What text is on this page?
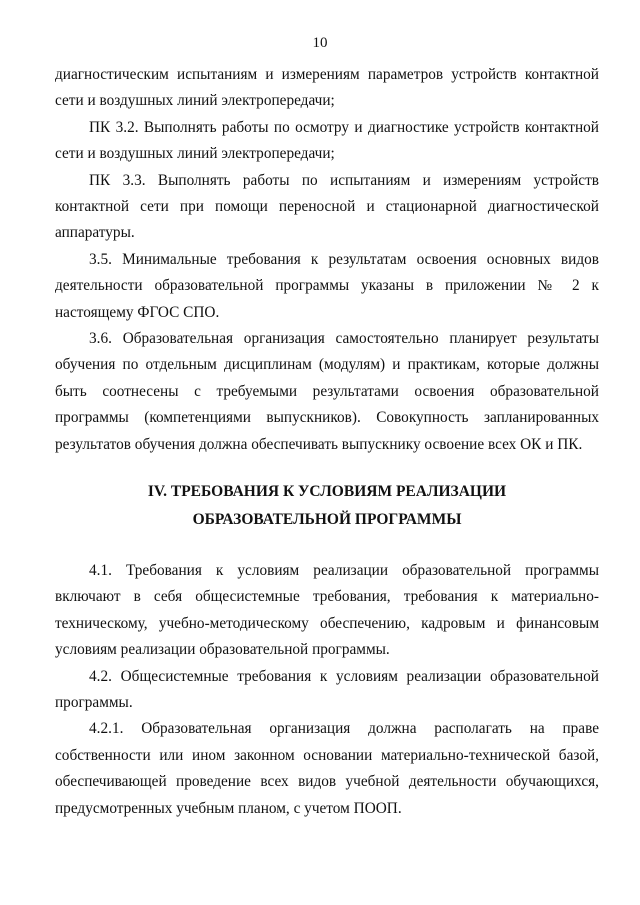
10

диагностическим испытаниям и измерениям параметров устройств контактной сети и воздушных линий электропередачи;

ПК 3.2. Выполнять работы по осмотру и диагностике устройств контактной сети и воздушных линий электропередачи;

ПК 3.3. Выполнять работы по испытаниям и измерениям устройств контактной сети при помощи переносной и стационарной диагностической аппаратуры.

3.5. Минимальные требования к результатам освоения основных видов деятельности образовательной программы указаны в приложении № 2 к настоящему ФГОС СПО.

3.6. Образовательная организация самостоятельно планирует результаты обучения по отдельным дисциплинам (модулям) и практикам, которые должны быть соотнесены с требуемыми результатами освоения образовательной программы (компетенциями выпускников). Совокупность запланированных результатов обучения должна обеспечивать выпускнику освоение всех ОК и ПК.

IV. ТРЕБОВАНИЯ К УСЛОВИЯМ РЕАЛИЗАЦИИ
ОБРАЗОВАТЕЛЬНОЙ ПРОГРАММЫ

4.1. Требования к условиям реализации образовательной программы включают в себя общесистемные требования, требования к материально-техническому, учебно-методическому обеспечению, кадровым и финансовым условиям реализации образовательной программы.

4.2. Общесистемные требования к условиям реализации образовательной программы.

4.2.1. Образовательная организация должна располагать на праве собственности или ином законном основании материально-технической базой, обеспечивающей проведение всех видов учебной деятельности обучающихся, предусмотренных учебным планом, с учетом ПООП.
